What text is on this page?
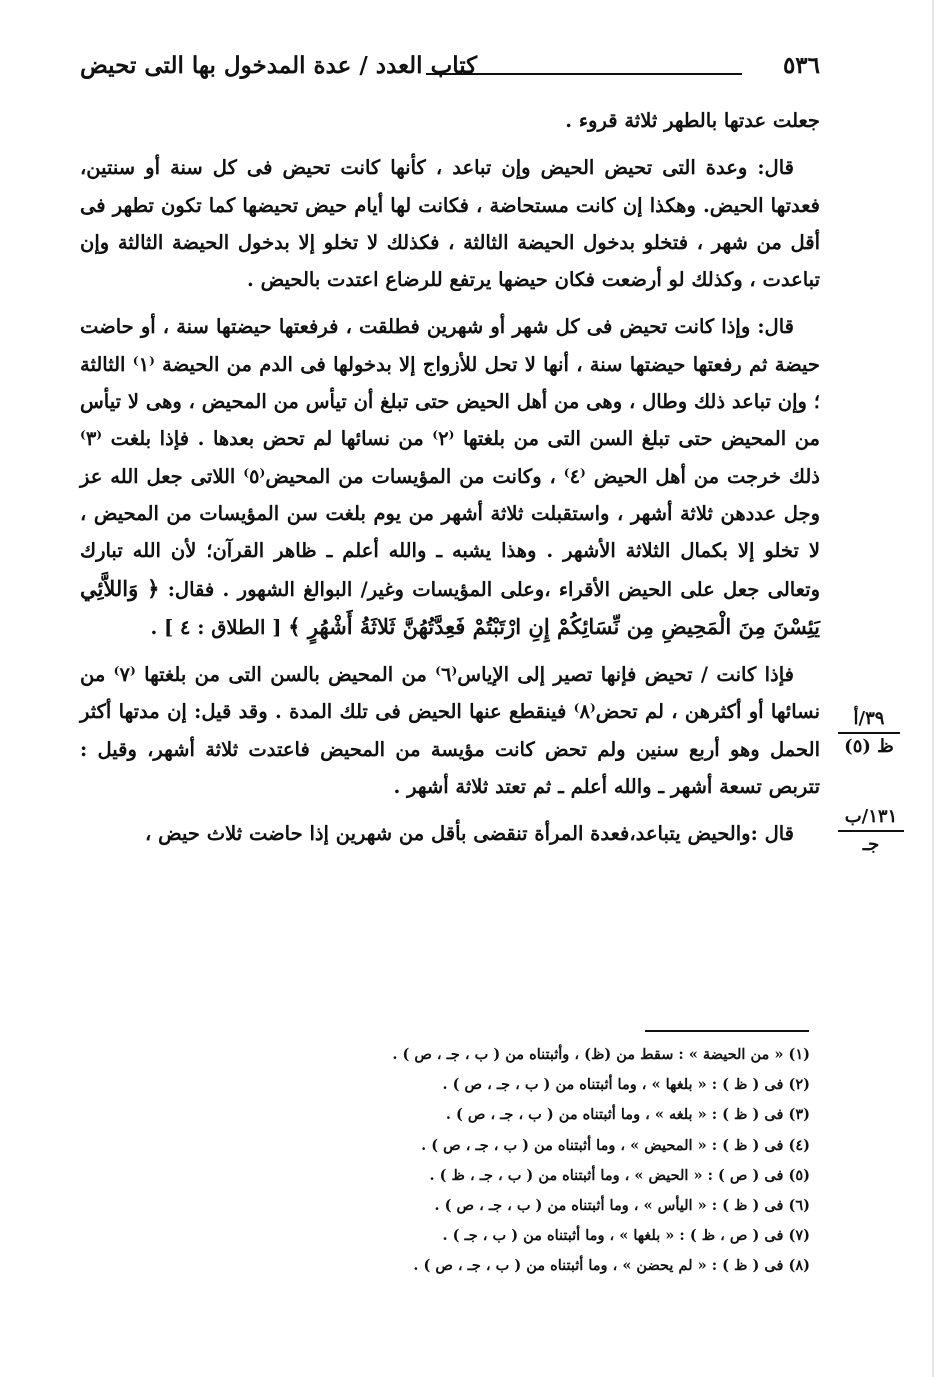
٥٣٦
كتاب العدد / عدة المدخول بها التى تحيض

جعلت عدتها بالطهر ثلاثة قروء .

قال: وعدة التى تحيض الحيض وإن تباعد ، كأنها كانت تحيض فى كل سنة أو سنتين، فعدتها الحيض. وهكذا إن كانت مستحاضة ، فكانت لها أيام حيض تحيضها كما تكون تطهر فى أقل من شهر ، فتخلو بدخول الحيضة الثالثة ، فكذلك لا تخلو إلا بدخول الحيضة الثالثة وإن تباعدت ، وكذلك لو أرضعت فكان حيضها يرتفع للرضاع اعتدت بالحيض .

قال: وإذا كانت تحيض فى كل شهر أو شهرين فطلقت ، فرفعتها حيضتها سنة ، أو حاضت حيضة ثم رفعتها حيضتها سنة ، أنها لا تحل للأزواج إلا بدخولها فى الدم من الحيضة ⁽١⁾ الثالثة ؛ وإن تباعد ذلك وطال ، وهى من أهل الحيض حتى تبلغ أن تيأس من المحيض ، وهى لا تيأس من المحيض حتى تبلغ السن التى من بلغتها ⁽٢⁾ من نسائها لم تحض بعدها . فإذا بلغت ⁽٣⁾ ذلك خرجت من أهل الحيض ⁽٤⁾ ، وكانت من المؤيسات من المحيض⁽٥⁾ اللاتى جعل الله عز وجل عددهن ثلاثة أشهر ، واستقبلت ثلاثة أشهر من يوم بلغت سن المؤيسات من المحيض ، لا تخلو إلا بكمال الثلاثة الأشهر . وهذا يشبه ـ والله أعلم ـ ظاهر القرآن؛ لأن الله تبارك وتعالى جعل على الحيض الأقراء ،وعلى المؤيسات وغير/ البوالغ الشهور . فقال: ﴿ وَاللاَّئِي يَئِسْنَ مِنَ الْمَحِيضِ مِن نِّسَائِكُمْ إِنِ ارْتَبْتُمْ فَعِدَّتُهُنَّ ثَلاثَةُ أَشْهُرٍ ﴾ [ الطلاق : ٤ ] .

فإذا كانت / تحيض فإنها تصير إلى الإياس⁽٦⁾ من المحيض بالسن التى من بلغتها ⁽٧⁾ من نسائها أو أكثرهن ، لم تحض⁽٨⁾ فينقطع عنها الحيض فى تلك المدة . وقد قيل: إن مدتها أكثر الحمل وهو أربع سنين ولم تحض كانت مؤيسة من المحيض فاعتدت ثلاثة أشهر، وقيل : تتربص تسعة أشهر ـ والله أعلم ـ ثم تعتد ثلاثة أشهر .

قال :والحيض يتباعد،فعدة المرأة تنقضى بأقل من شهرين إذا حاضت ثلاث حيض ،

٣٩/أ
ظ (٥)
١٣١/ب
جـ
(١) « من الحيضة » : سقط من (ظ) ، وأثبتناه من ( ب ، جـ ، ص ) .
(٢) فى ( ظ ) : « بلغها » ، وما أثبتناه من ( ب ، جـ ، ص ) .
(٣) فى ( ظ ) : « بلغه » ، وما أثبتناه من ( ب ، جـ ، ص ) .
(٤) فى ( ظ ) : « المحيض » ، وما أثبتناه من ( ب ، جـ ، ص ) .
(٥) فى ( ص ) : « الحيض » ، وما أثبتناه من ( ب ، جـ ، ظ ) .
(٦) فى ( ظ ) : « اليأس » ، وما أثبتناه من ( ب ، جـ ، ص ) .
(٧) فى ( ص ، ظ ) : « بلغها » ، وما أثبتناه من ( ب ، جـ ) .
(٨) فى ( ظ ) : « لم يحضن » ، وما أثبتناه من ( ب ، جـ ، ص ) .
